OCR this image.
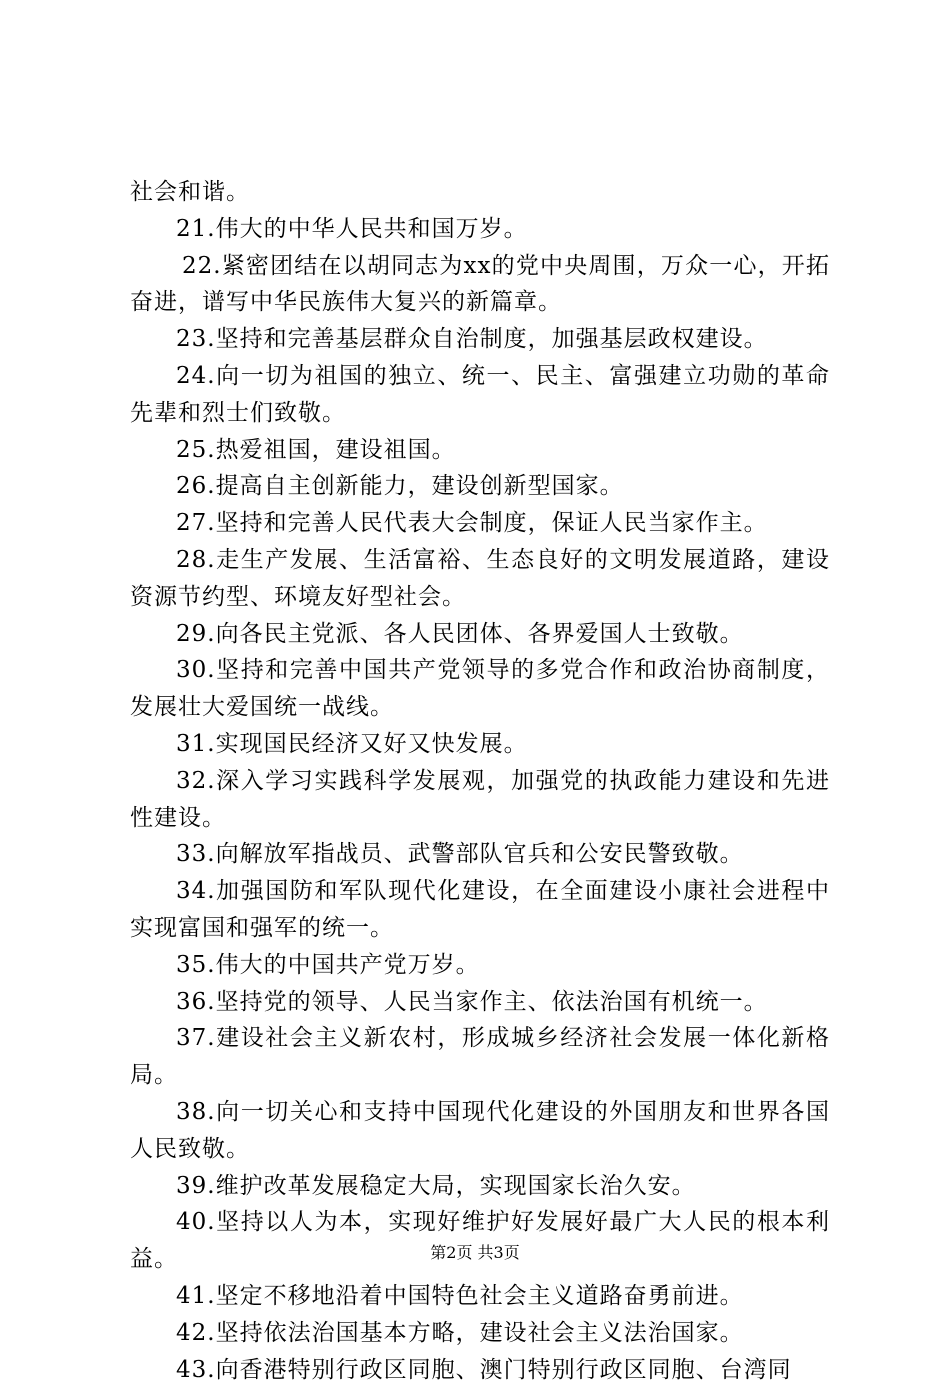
社会和谐。

21.伟大的中华人民共和国万岁。

22.紧密团结在以胡同志为xx的党中央周围，万众一心，开拓奋进，谱写中华民族伟大复兴的新篇章。

23.坚持和完善基层群众自治制度，加强基层政权建设。

24.向一切为祖国的独立、统一、民主、富强建立功勋的革命先辈和烈士们致敬。

25.热爱祖国，建设祖国。

26.提高自主创新能力，建设创新型国家。

27.坚持和完善人民代表大会制度，保证人民当家作主。

28.走生产发展、生活富裕、生态良好的文明发展道路，建设资源节约型、环境友好型社会。

29.向各民主党派、各人民团体、各界爱国人士致敬。

30.坚持和完善中国共产党领导的多党合作和政治协商制度，发展壮大爱国统一战线。

31.实现国民经济又好又快发展。

32.深入学习实践科学发展观，加强党的执政能力建设和先进性建设。

33.向解放军指战员、武警部队官兵和公安民警致敬。

34.加强国防和军队现代化建设，在全面建设小康社会进程中实现富国和强军的统一。

35.伟大的中国共产党万岁。

36.坚持党的领导、人民当家作主、依法治国有机统一。

37.建设社会主义新农村，形成城乡经济社会发展一体化新格局。

38.向一切关心和支持中国现代化建设的外国朋友和世界各国人民致敬。

39.维护改革发展稳定大局，实现国家长治久安。

40.坚持以人为本，实现好维护好发展好最广大人民的根本利益。

41.坚定不移地沿着中国特色社会主义道路奋勇前进。

42.坚持依法治国基本方略，建设社会主义法治国家。

43.向香港特别行政区同胞、澳门特别行政区同胞、台湾同

第2页 共3页
